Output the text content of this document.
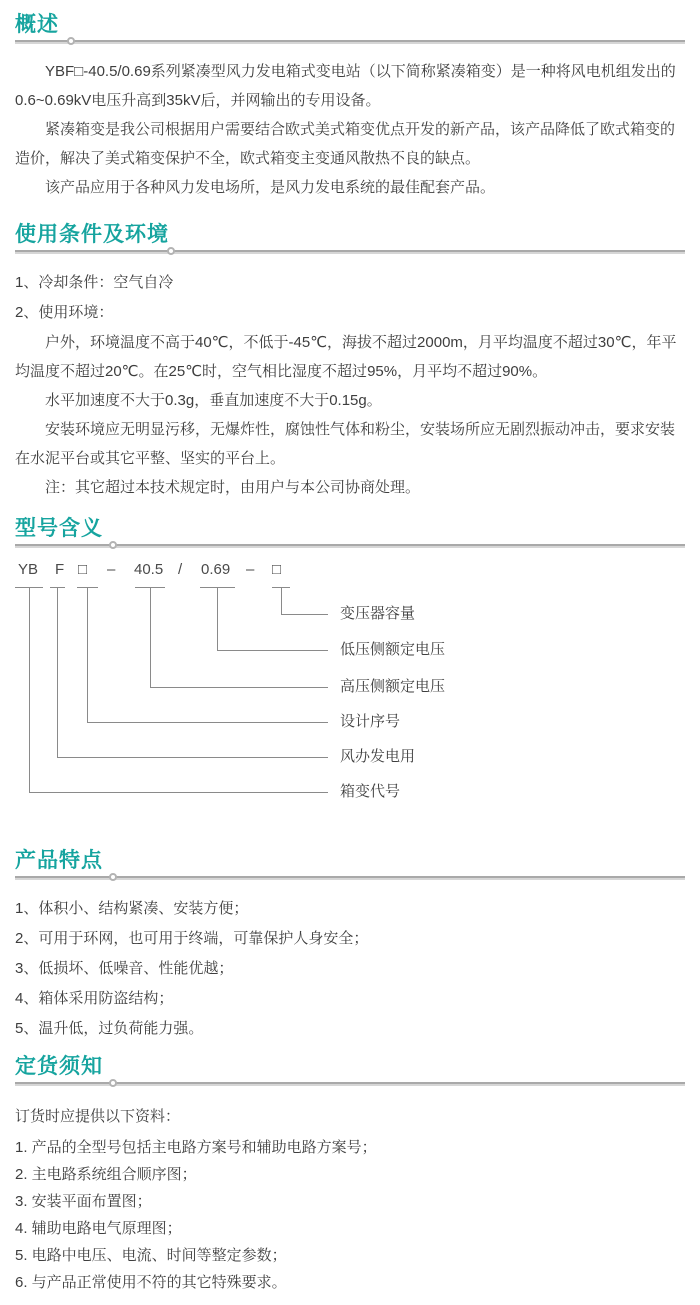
概述

YBF□-40.5/0.69系列紧凑型风力发电箱式变电站（以下简称紧凑箱变）是一种将风电机组发出的0.6~0.69kV电压升高到35kV后，并网输出的专用设备。

紧凑箱变是我公司根据用户需要结合欧式美式箱变优点开发的新产品，该产品降低了欧式箱变的造价，解决了美式箱变保护不全，欧式箱变主变通风散热不良的缺点。

该产品应用于各种风力发电场所，是风力发电系统的最佳配套产品。

使用条件及环境
1、冷却条件：空气自冷
2、使用环境：

户外，环境温度不高于40℃，不低于-45℃，海拔不超过2000m，月平均温度不超过30℃，年平均温度不超过20℃。在25℃时，空气相比湿度不超过95%，月平均不超过90%。

水平加速度不大于0.3g，垂直加速度不大于0.15g。

安装环境应无明显污移，无爆炸性，腐蚀性气体和粉尘，安装场所应无剧烈振动冲击，要求安装在水泥平台或其它平整、坚实的平台上。

注：其它超过本技术规定时，由用户与本公司协商处理。

型号含义
YB F □ – 40.5 / 0.69 – □
变压器容量
低压侧额定电压
高压侧额定电压
设计序号
风办发电用
箱变代号
产品特点
1、体积小、结构紧凑、安装方便；
2、可用于环网，也可用于终端，可靠保护人身安全；
3、低损坏、低噪音、性能优越；
4、箱体采用防盗结构；
5、温升低，过负荷能力强。
定货须知
订货时应提供以下资料：
1. 产品的全型号包括主电路方案号和辅助电路方案号；
2. 主电路系统组合顺序图；
3. 安装平面布置图；
4. 辅助电路电气原理图；
5. 电路中电压、电流、时间等整定参数；
6. 与产品正常使用不符的其它特殊要求。
